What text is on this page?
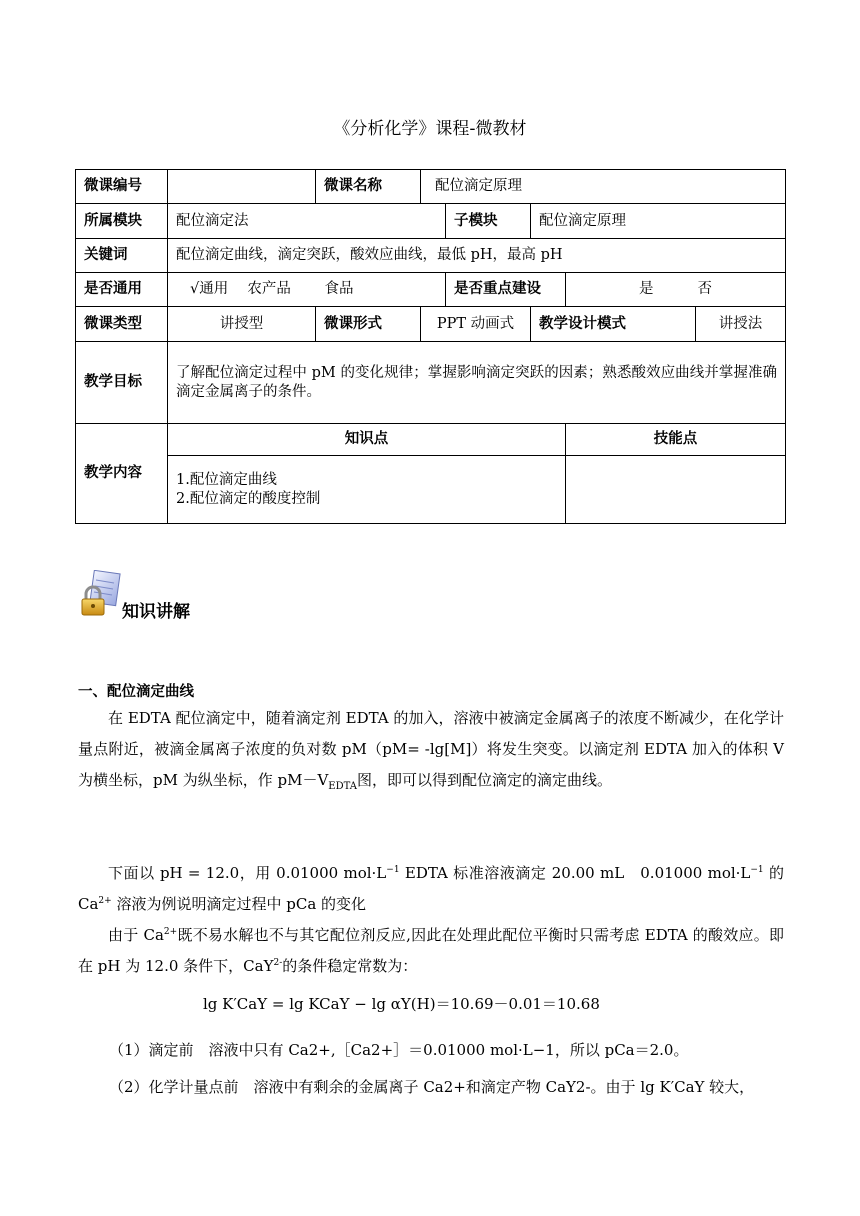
《分析化学》课程-微教材
微课编号		微课名称	配位滴定原理				
所属模块	配位滴定法			子模块	配位滴定原理		
关键词	配位滴定曲线，滴定突跃，酸效应曲线，最低 pH，最高 pH						
是否通用	√通用　 农产品　　 食品			是否重点建设		是 否	
微课类型	讲授型	微课形式	PPT 动画式		教学设计模式		讲授法
教学目标	了解配位滴定过程中 pM 的变化规律；掌握影响滴定突跃的因素；熟悉酸效应曲线并掌握准确滴定金属离子的条件。						
教学内容	知识点					技能点	

	1.配位滴定曲线
2.配位滴定的酸度控制						

知识讲解
一、配位滴定曲线

在 EDTA 配位滴定中，随着滴定剂 EDTA 的加入，溶液中被滴定金属离子的浓度不断减少，在化学计量点附近，被滴金属离子浓度的负对数 pM（pM= -lg[M]）将发生突变。以滴定剂 EDTA 加入的体积 V 为横坐标，pM 为纵坐标，作 $pM-V_{EDTA}$图，即可以得到配位滴定的滴定曲线。

下面以 pH = 12.0，用 0.01000 $mol\cdot L^{-1}$ EDTA 标准溶液滴定 20.00 mL　0.01000 $mol\cdot L^{-1}$ 的 $Ca^{2+}$ 溶液为例说明滴定过程中 pCa 的变化

由于 $Ca^{2+}$既不易水解也不与其它配位剂反应,因此在处理此配位平衡时只需考虑 EDTA 的酸效应。即在 pH 为 12.0 条件下，CaY$^{2-}$的条件稳定常数为：

lg K′CaY = lg KCaY − lg αY(H)＝10.69－0.01＝10.68
（1）滴定前　溶液中只有 Ca2+,［Ca2+］＝0.01000 mol·L−1，所以 pCa＝2.0。
（2）化学计量点前　溶液中有剩余的金属离子 Ca2+和滴定产物 CaY2-。由于 lg K′CaY 较大，
